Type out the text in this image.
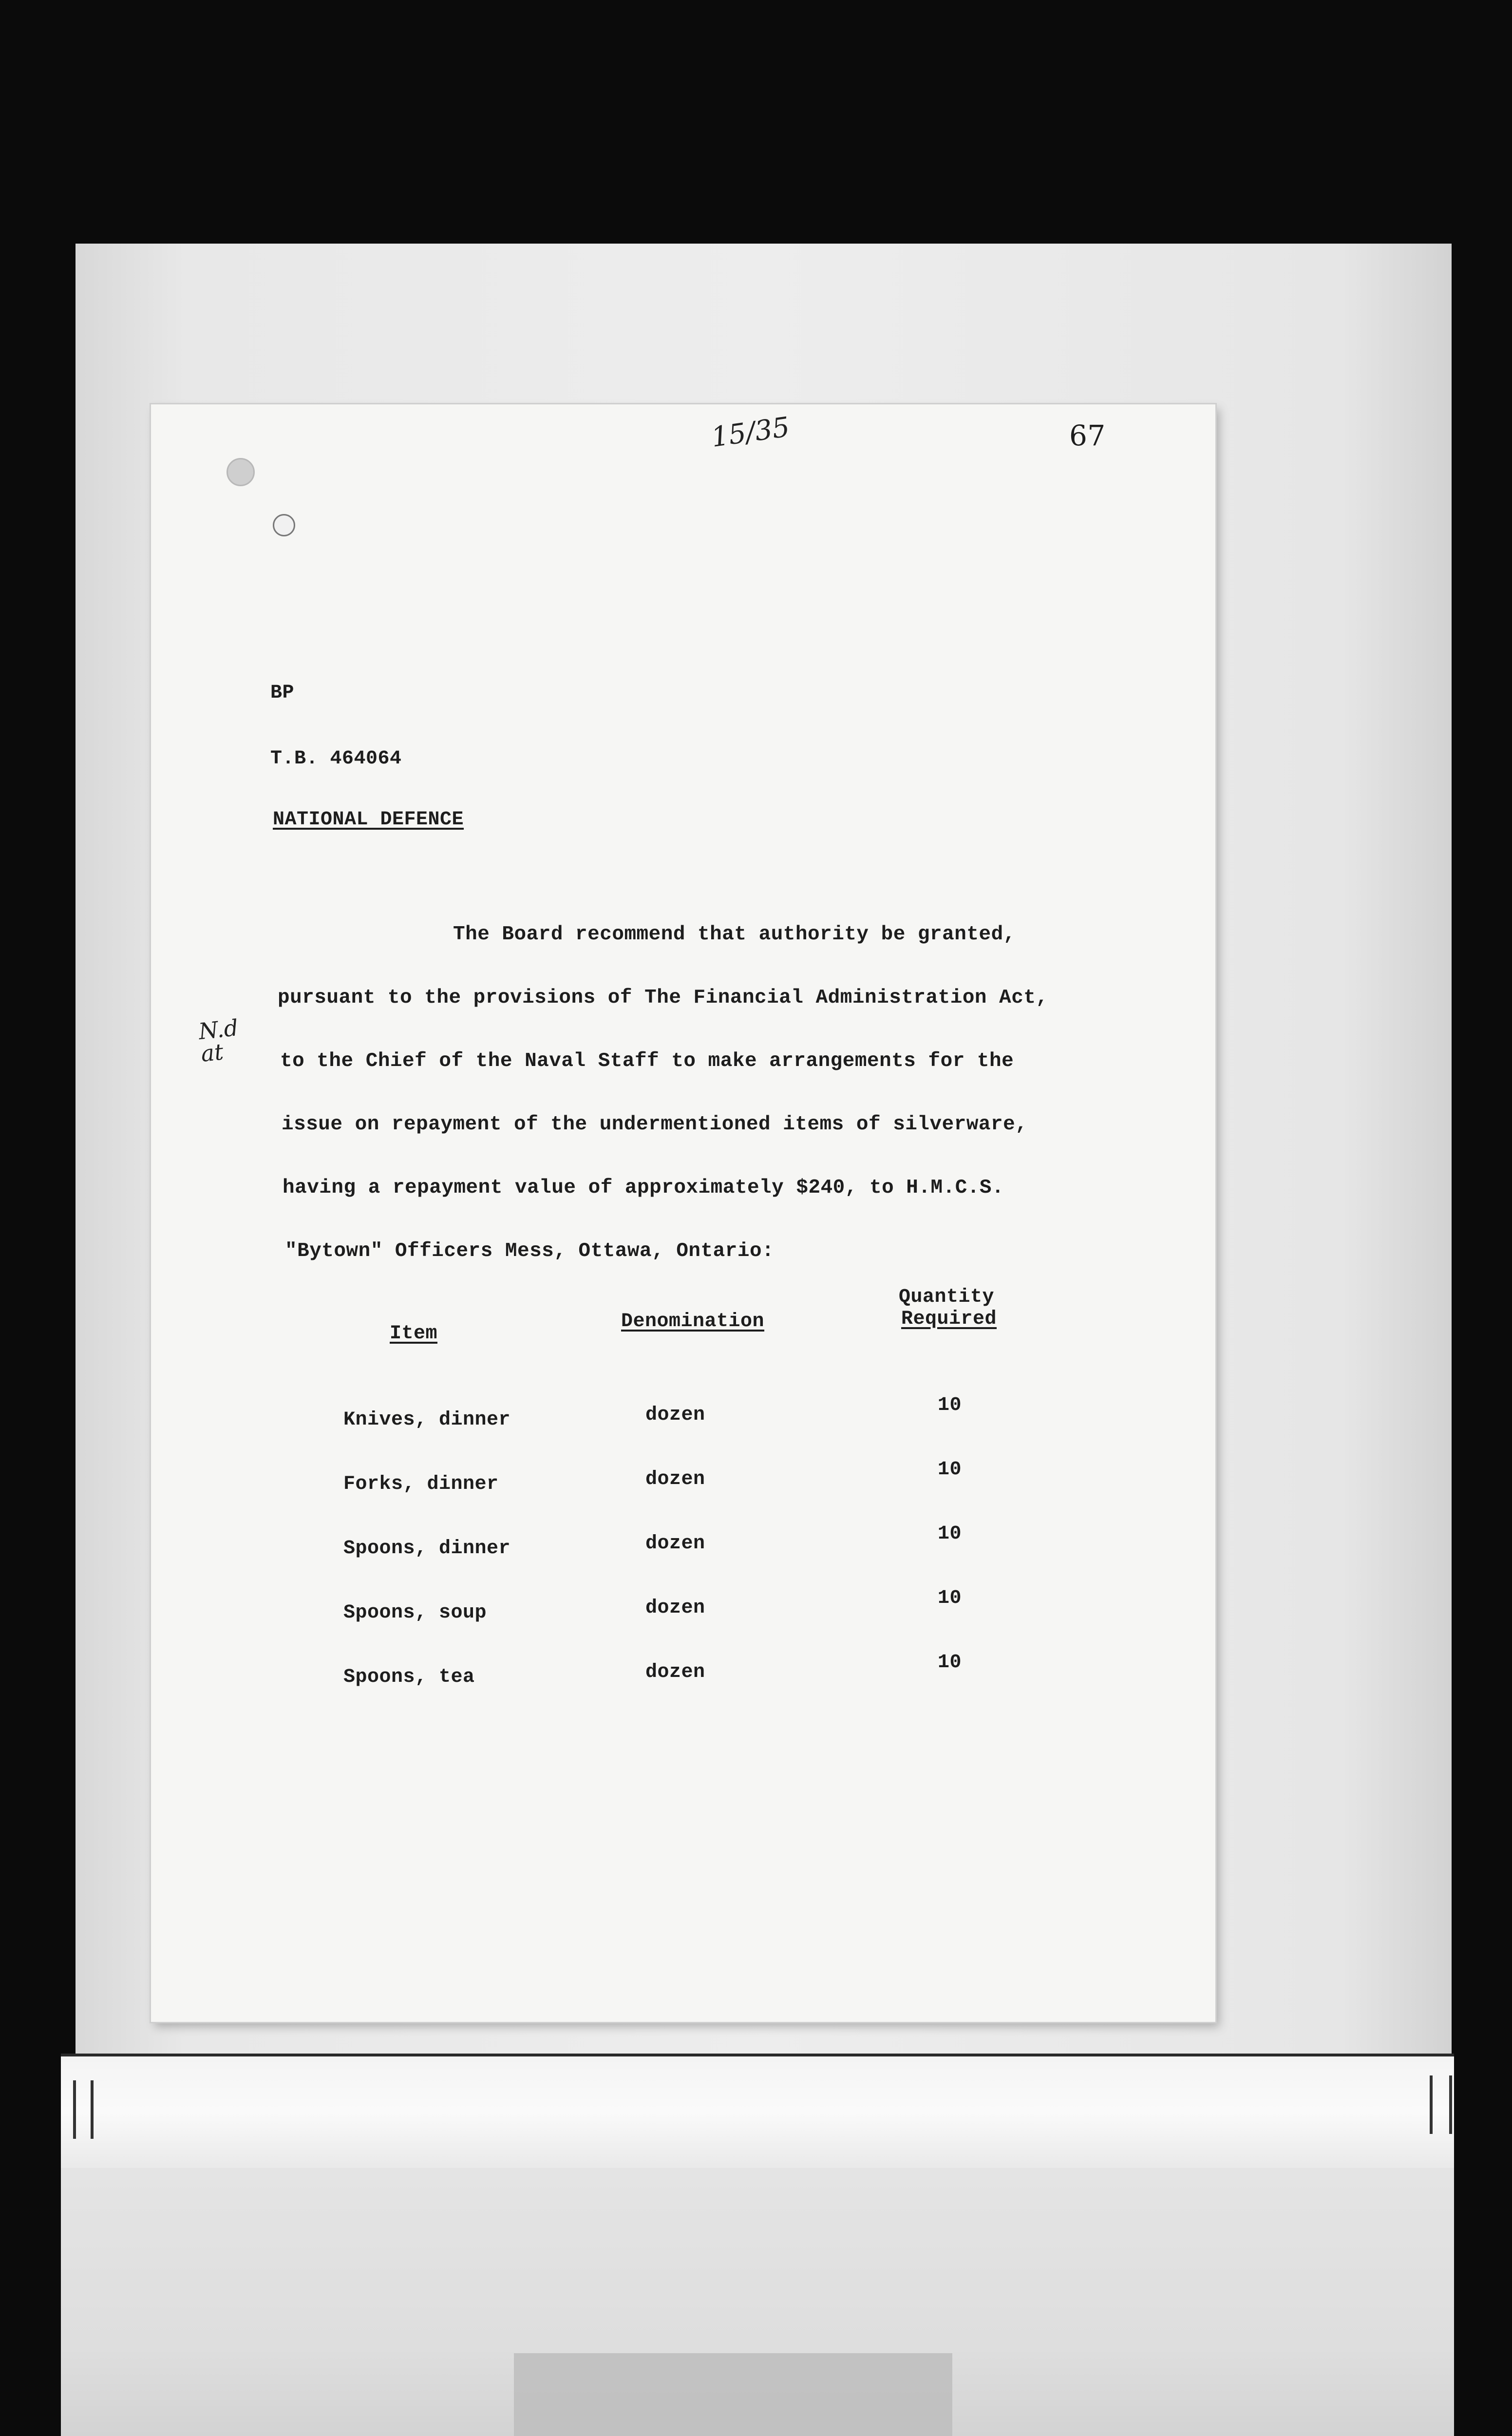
15/35	67
N.d
at
BP
T.B. 464064
NATIONAL DEFENCE
The Board recommend that authority be granted,
pursuant to the provisions of The Financial Administration Act,
to the Chief of the Naval Staff to make arrangements for the
issue on repayment of the undermentioned items of silverware,
having a repayment value of approximately $240, to H.M.C.S.
"Bytown" Officers Mess, Ottawa, Ontario:
Item
Denomination
Quantity
Required

Knives, dinner

Forks, dinner

Spoons, dinner

Spoons, soup

Spoons, tea

dozen

dozen

dozen

dozen

dozen

10

10

10

10

10
